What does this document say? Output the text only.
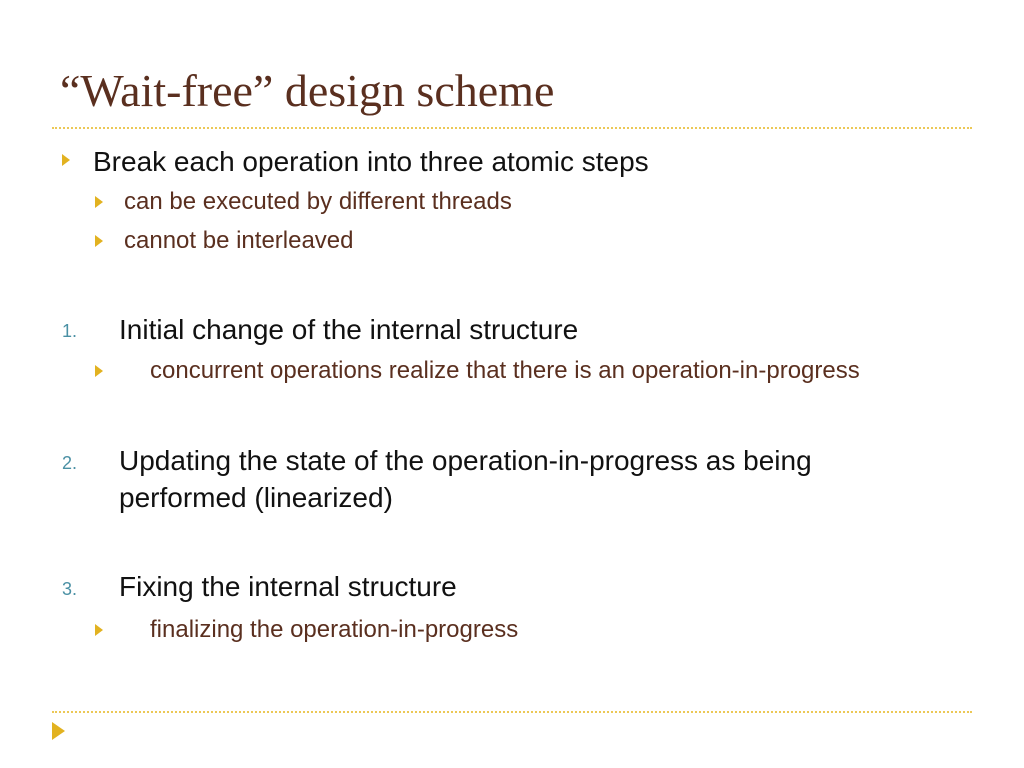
“Wait-free” design scheme
Break each operation into three atomic steps
can be executed by different threads
cannot be interleaved
1. Initial change of the internal structure
concurrent operations realize that there is an operation-in-progress
2. Updating the state of the operation-in-progress as being
performed (linearized)
3. Fixing the internal structure
finalizing the operation-in-progress
